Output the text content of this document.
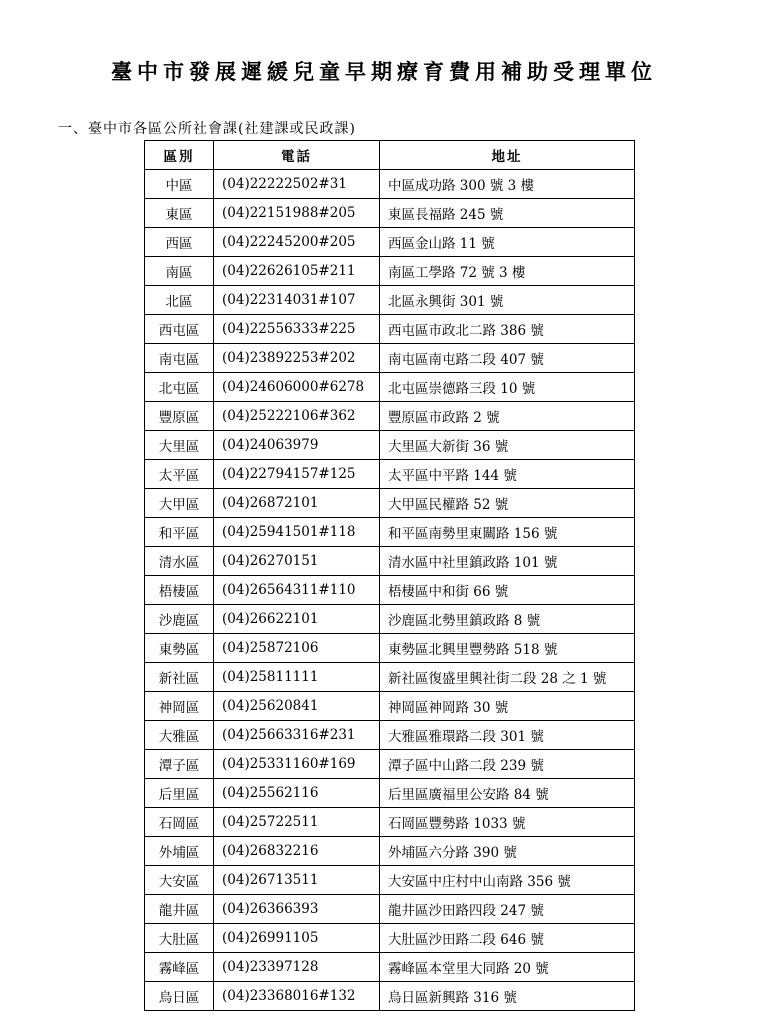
臺中市發展遲緩兒童早期療育費用補助受理單位
一、臺中市各區公所社會課(社建課或民政課)
區別	電話	地址
中區	(04)22222502#31	中區成功路 300 號 3 樓
東區	(04)22151988#205	東區長福路 245 號
西區	(04)22245200#205	西區金山路 11 號
南區	(04)22626105#211	南區工學路 72 號 3 樓
北區	(04)22314031#107	北區永興街 301 號
西屯區	(04)22556333#225	西屯區市政北二路 386 號
南屯區	(04)23892253#202	南屯區南屯路二段 407 號
北屯區	(04)24606000#6278	北屯區崇德路三段 10 號
豐原區	(04)25222106#362	豐原區市政路 2 號
大里區	(04)24063979	大里區大新街 36 號
太平區	(04)22794157#125	太平區中平路 144 號
大甲區	(04)26872101	大甲區民權路 52 號
和平區	(04)25941501#118	和平區南勢里東關路 156 號
清水區	(04)26270151	清水區中社里鎮政路 101 號
梧棲區	(04)26564311#110	梧棲區中和街 66 號
沙鹿區	(04)26622101	沙鹿區北勢里鎮政路 8 號
東勢區	(04)25872106	東勢區北興里豐勢路 518 號
新社區	(04)25811111	新社區復盛里興社街二段 28 之 1 號
神岡區	(04)25620841	神岡區神岡路 30 號
大雅區	(04)25663316#231	大雅區雅環路二段 301 號
潭子區	(04)25331160#169	潭子區中山路二段 239 號
后里區	(04)25562116	后里區廣福里公安路 84 號
石岡區	(04)25722511	石岡區豐勢路 1033 號
外埔區	(04)26832216	外埔區六分路 390 號
大安區	(04)26713511	大安區中庄村中山南路 356 號
龍井區	(04)26366393	龍井區沙田路四段 247 號
大肚區	(04)26991105	大肚區沙田路二段 646 號
霧峰區	(04)23397128	霧峰區本堂里大同路 20 號
烏日區	(04)23368016#132	烏日區新興路 316 號
